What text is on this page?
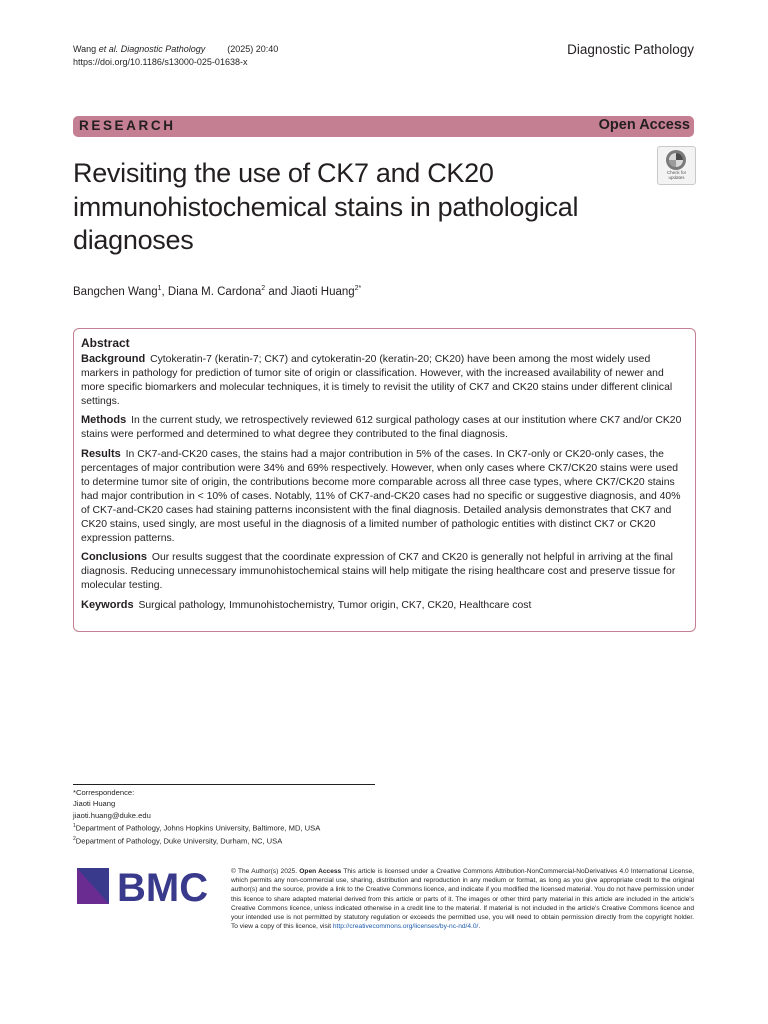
Wang et al. Diagnostic Pathology (2025) 20:40
https://doi.org/10.1186/s13000-025-01638-x
Diagnostic Pathology
RESEARCH	Open Access
Check for
updates
Revisiting the use of CK7 and CK20 immunohistochemical stains in pathological diagnoses
Bangchen Wang$^1$, Diana M. Cardona$^2$ and Jiaoti Huang$^{2*}$
Abstract

Background Cytokeratin-7 (keratin-7; CK7) and cytokeratin-20 (keratin-20; CK20) have been among the most widely used markers in pathology for prediction of tumor site of origin or classification. However, with the increased availability of newer and more specific biomarkers and molecular techniques, it is timely to revisit the utility of CK7 and CK20 stains under different clinical settings.

Methods In the current study, we retrospectively reviewed 612 surgical pathology cases at our institution where CK7 and/or CK20 stains were performed and determined to what degree they contributed to the final diagnosis.

Results In CK7-and-CK20 cases, the stains had a major contribution in 5% of the cases. In CK7-only or CK20-only cases, the percentages of major contribution were 34% and 69% respectively. However, when only cases where CK7/CK20 stains were used to determine tumor site of origin, the contributions become more comparable across all three case types, where CK7/CK20 stains had major contribution in < 10% of cases. Notably, 11% of CK7-and-CK20 cases had no specific or suggestive diagnosis, and 40% of CK7-and-CK20 cases had staining patterns inconsistent with the final diagnosis. Detailed analysis demonstrates that CK7 and CK20 stains, used singly, are most useful in the diagnosis of a limited number of pathologic entities with distinct CK7 or CK20 expression patterns.

Conclusions Our results suggest that the coordinate expression of CK7 and CK20 is generally not helpful in arriving at the final diagnosis. Reducing unnecessary immunohistochemical stains will help mitigate the rising healthcare cost and preserve tissue for molecular testing.

Keywords Surgical pathology, Immunohistochemistry, Tumor origin, CK7, CK20, Healthcare cost

*Correspondence:
Jiaoti Huang
jiaoti.huang@duke.edu
$^1$Department of Pathology, Johns Hopkins University, Baltimore, MD, USA
$^2$Department of Pathology, Duke University, Durham, NC, USA
BMC	© The Author(s) 2025. Open Access This article is licensed under a Creative Commons Attribution-NonCommercial-NoDerivatives 4.0 International License, which permits any non-commercial use, sharing, distribution and reproduction in any medium or format, as long as you give appropriate credit to the original author(s) and the source, provide a link to the Creative Commons licence, and indicate if you modified the licensed material. You do not have permission under this licence to share adapted material derived from this article or parts of it. The images or other third party material in this article are included in the article's Creative Commons licence, unless indicated otherwise in a credit line to the material. If material is not included in the article's Creative Commons licence and your intended use is not permitted by statutory regulation or exceeds the permitted use, you will need to obtain permission directly from the copyright holder. To view a copy of this licence, visit http://creativecommons.org/licenses/by-nc-nd/4.0/.
